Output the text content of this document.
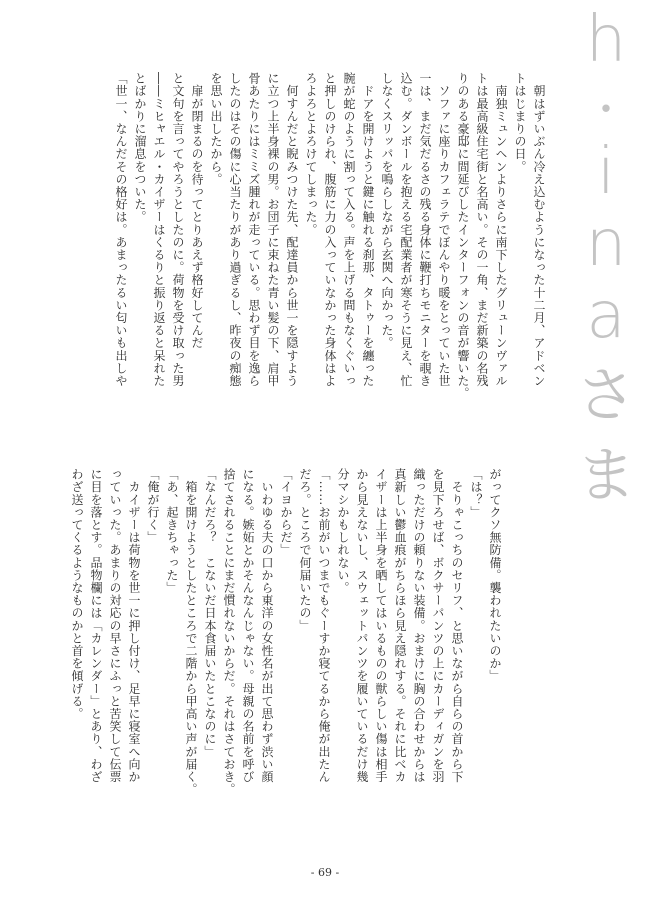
h
・
i
n
a
さ
ま

　朝はずいぶん冷え込むようになった十二月、アドベン

トはじまりの日。

　南独ミュンヘンよりさらに南下したグリューンヴァル

トは最高級住宅街と名高い。その一角、まだ新築の名残

りのある豪邸に間延びしたインターフォンの音が響いた。

　ソファに座りカフェラテでぼんやり暖をとっていた世

一は、まだ気だるさの残る身体に鞭打ちモニターを覗き

込む。ダンボールを抱える宅配業者が寒そうに見え、忙

しなくスリッパを鳴らしながら玄関へ向かった。

　ドアを開けようと鍵に触れる刹那、タトゥーを纏った

腕が蛇のように割って入る。声を上げる間もなくぐいっ

と押しのけられ、腹筋に力の入っていなかった身体はよ

ろよろとよろけてしまった。

　何すんだと睨みつけた先、配達員から世一を隠すよう

に立つ上半身裸の男。お団子に束ねた青い髪の下、肩甲

骨あたりにはミミズ腫れが走っている。思わず目を逸ら

したのはその傷に心当たりがあり過ぎるし、昨夜の痴態

を思い出したから。

　扉が閉まるのを待ってとりあえず格好してんだ

と文句を言ってやろうとしたのに。荷物を受け取った男

――ミヒャエル・カイザーはくるりと振り返ると呆れた

とばかりに溜息をついた。

「世一、なんだその格好は。あまったるい匂いも出しや

がってクソ無防備。襲われたいのか」

「は？」

　そりゃこっちのセリフ、と思いながら自らの首から下

を見下ろせば、ボクサーパンツの上にカーディガンを羽

織っただけの頼りない装備。おまけに胸の合わせからは

真新しい鬱血痕がちらほら見え隠れする。それに比べカ

イザーは上半身を晒してはいるものの獣らしい傷は相手

から見えないし、スウェットパンツを履いているだけ幾

分マシかもしれない。

「……お前がいつまでもぐーすか寝てるから俺が出たん

だろ。ところで何届いたの」

「イヨからだ」

　いわゆる夫の口から東洋の女性名が出て思わず渋い顔

になる。嫉妬とかそんなんじゃない。母親の名前を呼び

捨てされることにまだ慣れないからだ。それはさておき。

「なんだろ？　こないだ日本食届いたとこなのに」

　箱を開けようとしたところで二階から甲高い声が届く。

「あ、起きちゃった」

「俺が行く」

　カイザーは荷物を世一に押し付け、足早に寝室へ向か

っていった。あまりの対応の早さにふっと苦笑して伝票

に目を落とす。品物欄には「カレンダー」とあり、わざ

わざ送ってくるようなものかと首を傾げる。

- 69 -
